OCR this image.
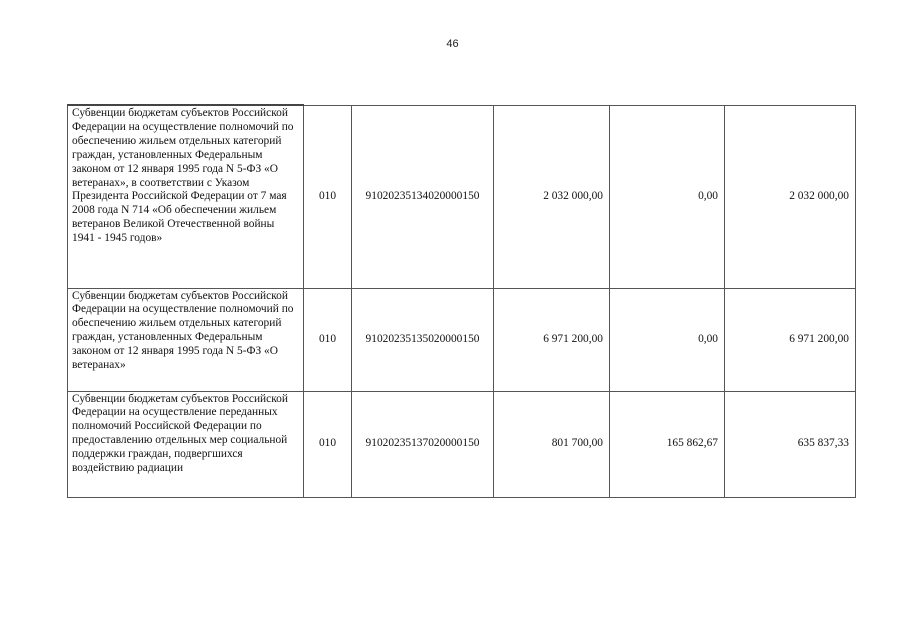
46
Субвенции бюджетам субъектов Российской Федерации на осуществление полномочий по обеспечению жильем отдельных категорий граждан, установленных Федеральным законом от 12 января 1995 года N 5-ФЗ «О ветеранах», в соответствии с Указом Президента Российской Федерации от 7 мая 2008 года N 714 «Об обеспечении жильем ветеранов Великой Отечественной войны 1941 - 1945 годов»	010	91020235134020000150	2 032 000,00	0,00	2 032 000,00
Субвенции бюджетам субъектов Российской Федерации на осуществление полномочий по обеспечению жильем отдельных категорий граждан, установленных Федеральным законом от 12 января 1995 года N 5-ФЗ «О ветеранах»	010	91020235135020000150	6 971 200,00	0,00	6 971 200,00
Субвенции бюджетам субъектов Российской Федерации на осуществление переданных полномочий Российской Федерации по предоставлению отдельных мер социальной поддержки граждан, подвергшихся воздействию радиации	010	91020235137020000150	801 700,00	165 862,67	635 837,33
